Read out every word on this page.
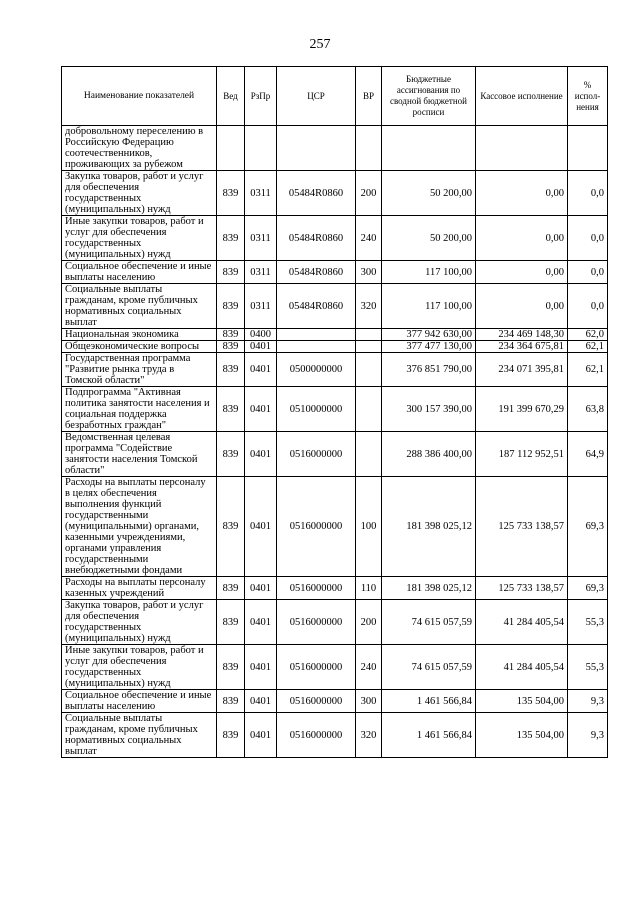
257
Наименование показателей	Вед	РзПр	ЦСР	ВР	Бюджетные ассигнования по сводной бюджетной росписи	Кассовое исполнение	% испол-нения
добровольному переселению в Российскую Федерацию соотечественников, проживающих за рубежом							
Закупка товаров, работ и услуг для обеспечения государственных (муниципальных) нужд	839	0311	05484R0860	200	50 200,00	0,00	0,0
Иные закупки товаров, работ и услуг для обеспечения государственных (муниципальных) нужд	839	0311	05484R0860	240	50 200,00	0,00	0,0
Социальное обеспечение и иные выплаты населению	839	0311	05484R0860	300	117 100,00	0,00	0,0
Социальные выплаты гражданам, кроме публичных нормативных социальных выплат	839	0311	05484R0860	320	117 100,00	0,00	0,0
Национальная экономика	839	0400			377 942 630,00	234 469 148,30	62,0
Общеэкономические вопросы	839	0401			377 477 130,00	234 364 675,81	62,1
Государственная программа "Развитие рынка труда в Томской области"	839	0401	0500000000		376 851 790,00	234 071 395,81	62,1
Подпрограмма "Активная политика занятости населения и социальная поддержка безработных граждан"	839	0401	0510000000		300 157 390,00	191 399 670,29	63,8
Ведомственная целевая программа "Содействие занятости населения Томской области"	839	0401	0516000000		288 386 400,00	187 112 952,51	64,9
Расходы на выплаты персоналу в целях обеспечения выполнения функций государственными (муниципальными) органами, казенными учреждениями, органами управления государственными внебюджетными фондами	839	0401	0516000000	100	181 398 025,12	125 733 138,57	69,3
Расходы на выплаты персоналу казенных учреждений	839	0401	0516000000	110	181 398 025,12	125 733 138,57	69,3
Закупка товаров, работ и услуг для обеспечения государственных (муниципальных) нужд	839	0401	0516000000	200	74 615 057,59	41 284 405,54	55,3
Иные закупки товаров, работ и услуг для обеспечения государственных (муниципальных) нужд	839	0401	0516000000	240	74 615 057,59	41 284 405,54	55,3
Социальное обеспечение и иные выплаты населению	839	0401	0516000000	300	1 461 566,84	135 504,00	9,3
Социальные выплаты гражданам, кроме публичных нормативных социальных выплат	839	0401	0516000000	320	1 461 566,84	135 504,00	9,3
